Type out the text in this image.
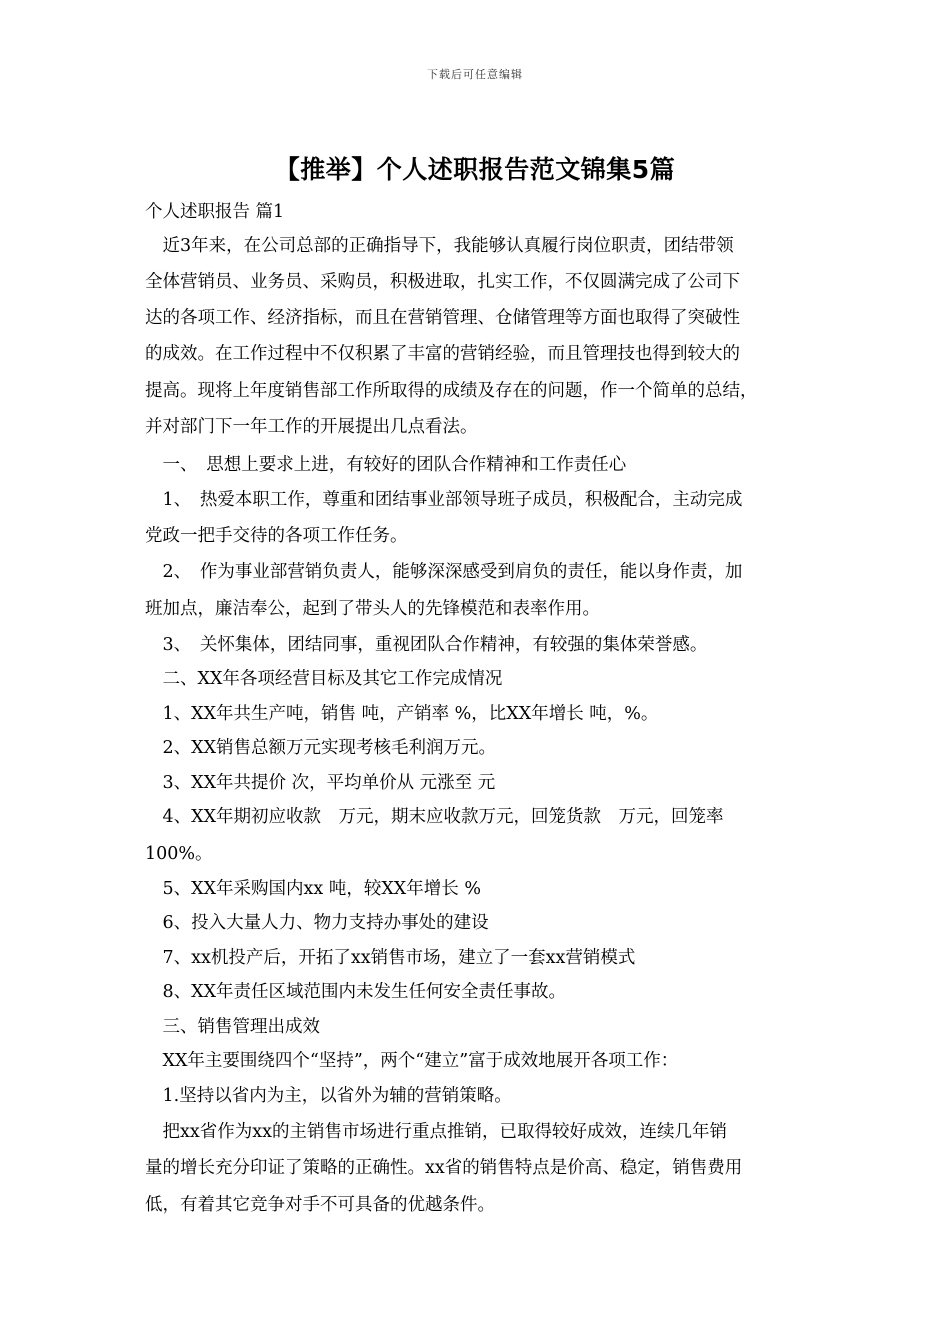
下载后可任意编辑
【推举】个人述职报告范文锦集5篇
个人述职报告 篇1
　近3年来，在公司总部的正确指导下，我能够认真履行岗位职责，团结带领
全体营销员、业务员、采购员，积极进取，扎实工作，不仅圆满完成了公司下
达的各项工作、经济指标，而且在营销管理、仓储管理等方面也取得了突破性
的成效。在工作过程中不仅积累了丰富的营销经验，而且管理技也得到较大的
提高。现将上年度销售部工作所取得的成绩及存在的问题，作一个简单的总结，
并对部门下一年工作的开展提出几点看法。
　一、　思想上要求上进，有较好的团队合作精神和工作责任心
　1、　热爱本职工作，尊重和团结事业部领导班子成员，积极配合，主动完成
党政一把手交待的各项工作任务。
　2、　作为事业部营销负责人，能够深深感受到肩负的责任，能以身作责，加
班加点，廉洁奉公，起到了带头人的先锋模范和表率作用。
　3、　关怀集体，团结同事，重视团队合作精神，有较强的集体荣誉感。
　二、XX年各项经营目标及其它工作完成情况
　1、XX年共生产吨，销售 吨，产销率 %，比XX年增长 吨，%。
　2、XX销售总额万元实现考核毛利润万元。
　3、XX年共提价 次，平均单价从 元涨至 元
　4、XX年期初应收款　万元，期末应收款万元，回笼货款　万元，回笼率
100%。
　5、XX年采购国内xx 吨，较XX年增长 %
　6、投入大量人力、物力支持办事处的建设
　7、xx机投产后，开拓了xx销售市场，建立了一套xx营销模式
　8、XX年责任区域范围内未发生任何安全责任事故。
　三、销售管理出成效
　XX年主要围绕四个“坚持”，两个“建立”富于成效地展开各项工作：
　1.坚持以省内为主，以省外为辅的营销策略。
　把xx省作为xx的主销售市场进行重点推销，已取得较好成效，连续几年销
量的增长充分印证了策略的正确性。xx省的销售特点是价高、稳定，销售费用
低，有着其它竞争对手不可具备的优越条件。
